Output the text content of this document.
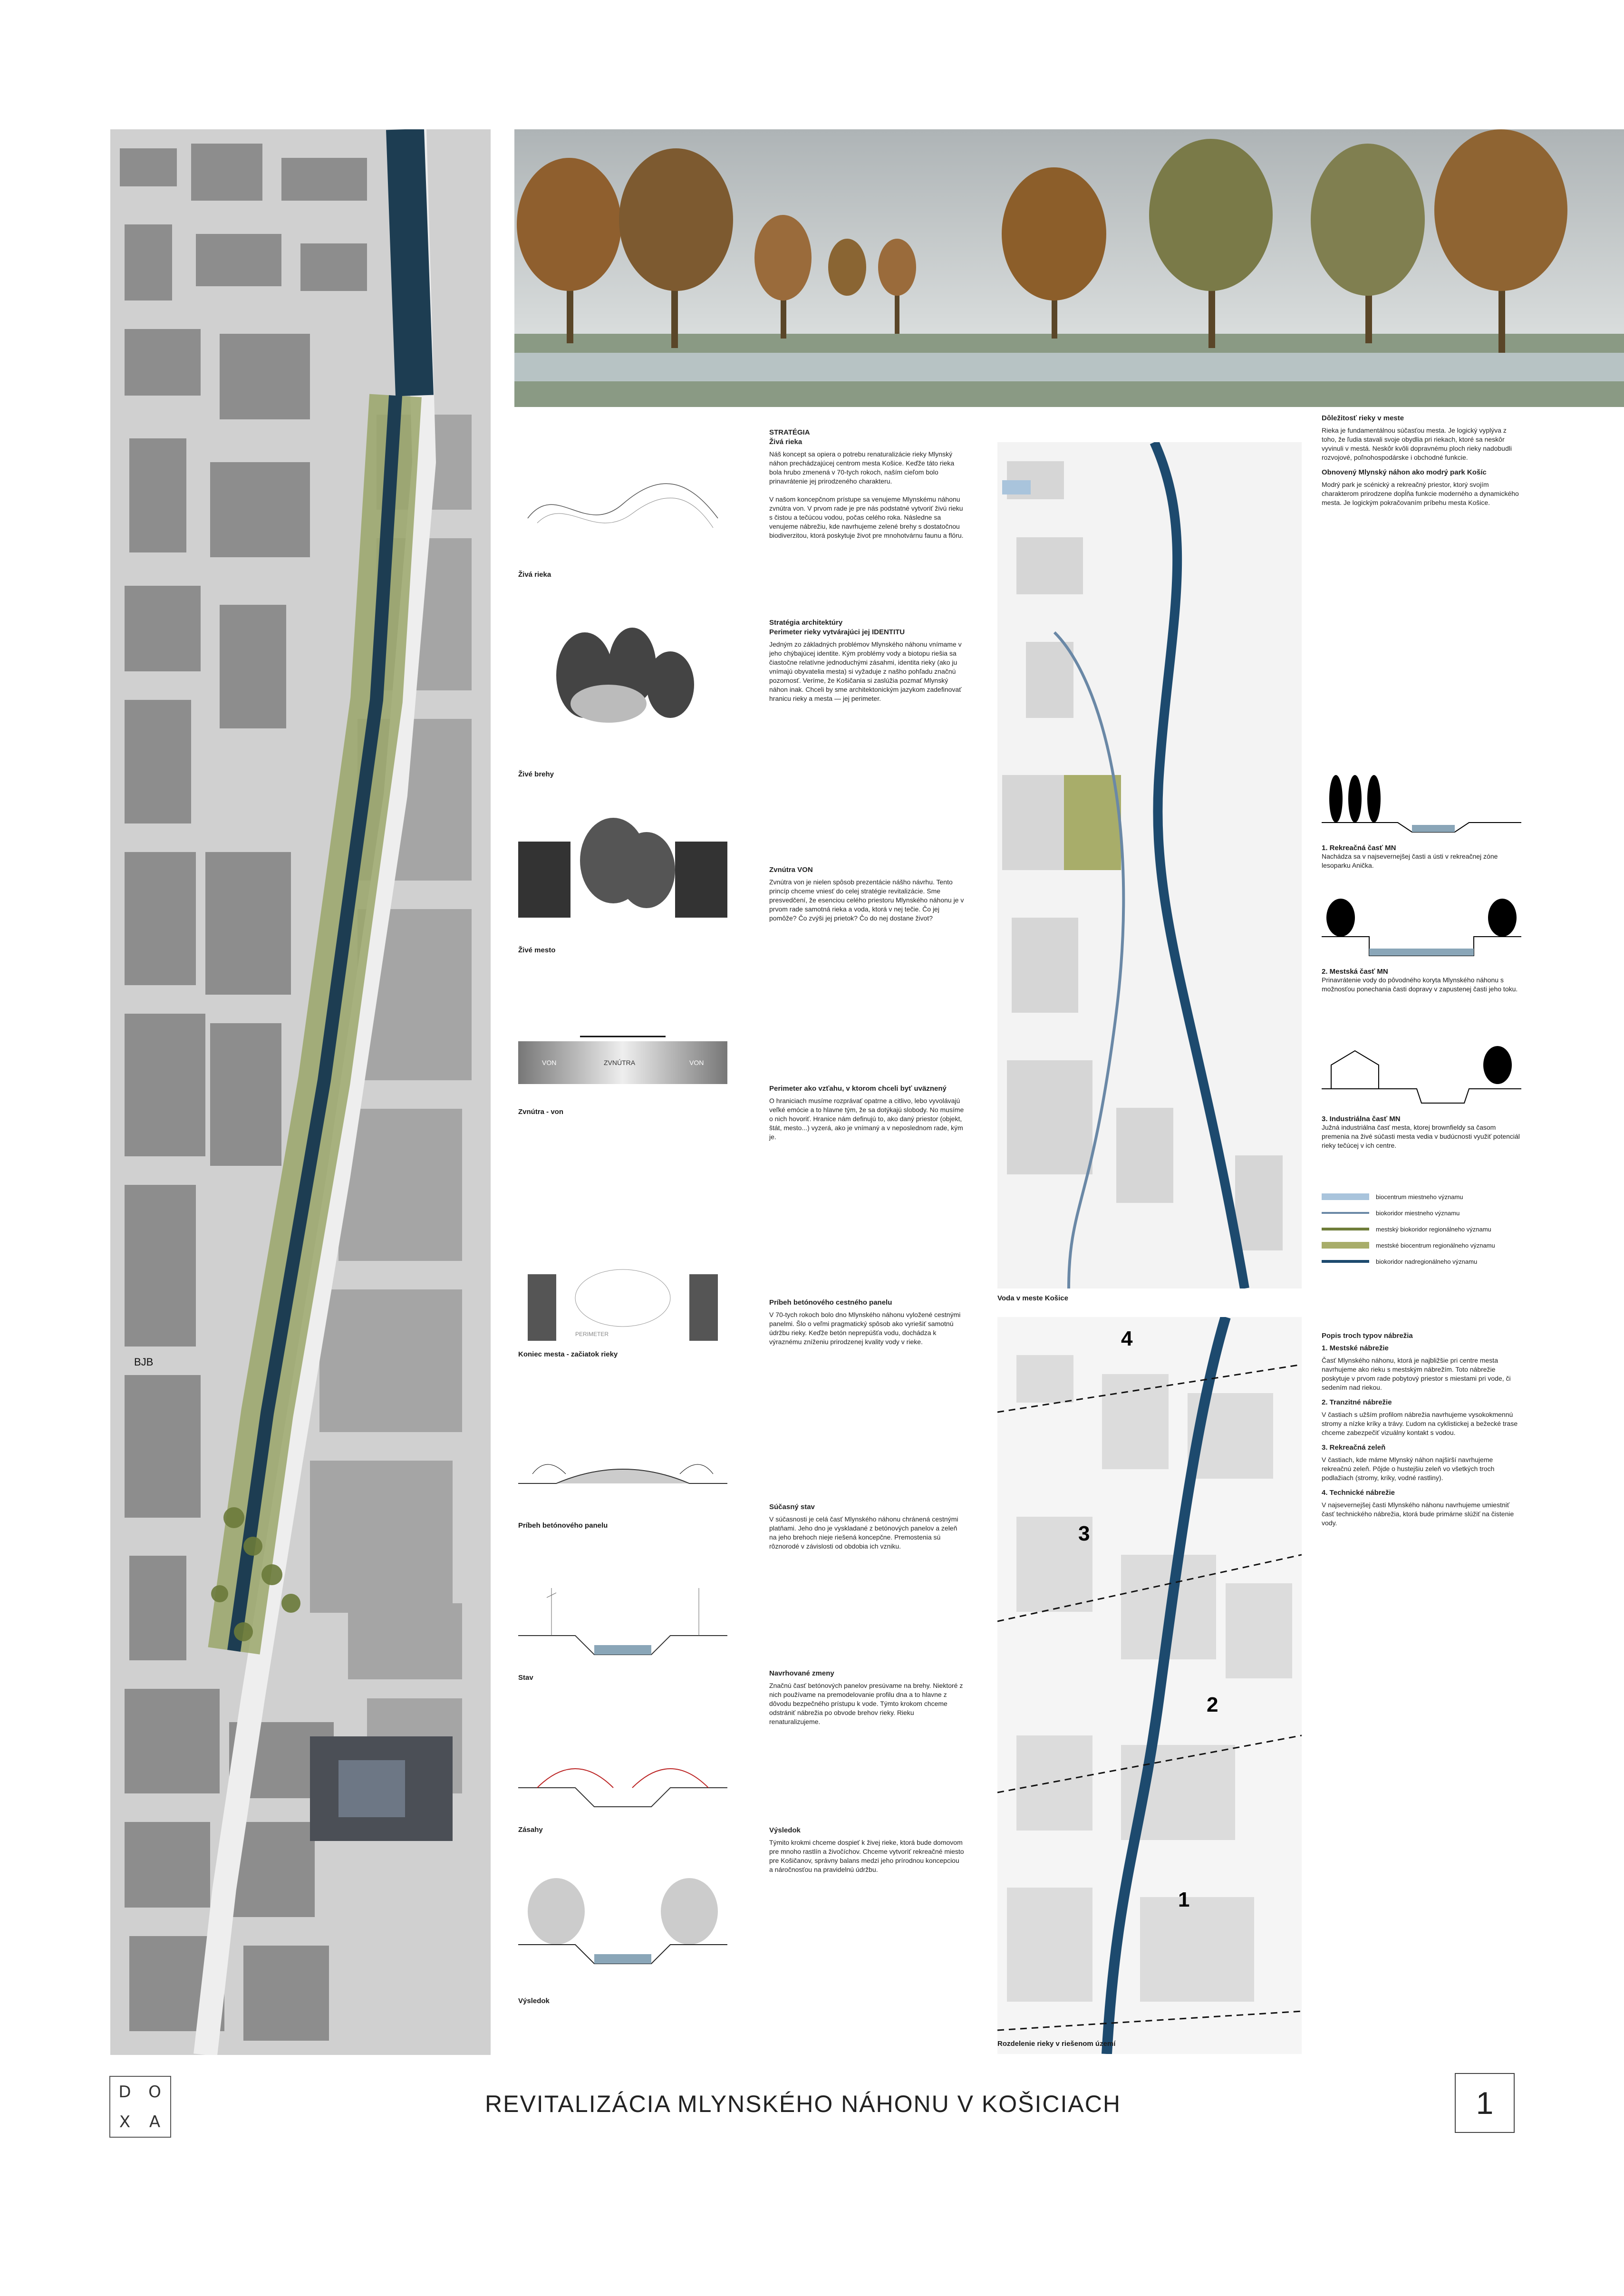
BJB
Živá rieka
STRATÉGIA
Živá rieka

Náš koncept sa opiera o potrebu renaturalizácie rieky Mlynský náhon prechádzajúcej centrom mesta Košice. Keďže táto rieka bola hrubo zmenená v 70-tych rokoch, naším cieľom bolo prinavrátenie jej prirodzeného charakteru.

V našom koncepčnom prístupe sa venujeme Mlynskému náhonu zvnútra von. V prvom rade je pre nás podstatné vytvoriť živú rieku s čistou a tečúcou vodou, počas celého roka. Následne sa venujeme nábrežiu, kde navrhujeme zelené brehy s dostatočnou biodiverzitou, ktorá poskytuje život pre mnohotvárnu faunu a flóru.

Živé brehy
Stratégia architektúry
Perimeter rieky vytvárajúci jej IDENTITU

Jedným zo základných problémov Mlynského náhonu vnímame v jeho chýbajúcej identite. Kým problémy vody a biotopu riešia sa čiastočne relatívne jednoduchými zásahmi, identita rieky (ako ju vnímajú obyvatelia mesta) si vyžaduje z našho pohľadu značnú pozornosť. Veríme, že Košičania si zaslúžia pozmať Mlynský náhon inak. Chceli by sme architektonickým jazykom zadefinovať hranicu rieky a mesta — jej perimeter.

Živé mesto
Zvnútra VON

Zvnútra von je nielen spôsob prezentácie nášho návrhu. Tento princíp chceme vniesť do celej stratégie revitalizácie. Sme presvedčení, že esenciou celého priestoru Mlynského náhonu je v prvom rade samotná rieka a voda, ktorá v nej tečie. Čo jej pomôže? Čo zvýši jej prietok? Čo do nej dostane život?

VON	ZVNÚTRA	VON
Zvnútra - von
Perimeter ako vzťahu, v ktorom chceli byť uväznený

O hraniciach musíme rozprávať opatrne a citlivo, lebo vyvolávajú veľké emócie a to hlavne tým, že sa dotýkajú slobody. No musíme o nich hovoriť. Hranice nám definujú to, ako daný priestor (objekt, štát, mesto...) vyzerá, ako je vnímaný a v neposlednom rade, kým je.

PERIMETER
Koniec mesta - začiatok rieky
Príbeh betónového cestného panelu

V 70-tych rokoch bolo dno Mlynského náhonu vyložené cestnými panelmi. Šlo o veľmi pragmatický spôsob ako vyriešiť samotnú údržbu rieky. Keďže betón neprepúšťa vodu, dochádza k výraznému zníženiu prirodzenej kvality vody v rieke.

Príbeh betónového panelu
Súčasný stav

V súčasnosti je celá časť Mlynského náhonu chránená cestnými platňami. Jeho dno je vyskladané z betónových panelov a zeleň na jeho brehoch nieje riešená koncepčne. Premostenia sú rôznorodé v závislosti od obdobia ich vzniku.

Stav
Navrhované zmeny

Značnú časť betónových panelov presúvame na brehy. Niektoré z nich používame na premodelovanie profilu dna a to hlavne z dôvodu bezpečného prístupu k vode. Týmto krokom chceme odstrániť nábrežia po obvode brehov rieky. Rieku renaturalizujeme.

Zásahy	Výsledok

Týmito krokmi chceme dospieť k živej rieke, ktorá bude domovom pre mnoho rastlín a živočíchov. Chceme vytvoriť rekreačné miesto pre Košičanov, správny balans medzi jeho prírodnou koncepciou a náročnosťou na pravidelnú údržbu.

Výsledok
Voda v meste Košice
4
3
2
1
Rozdelenie rieky v riešenom území
Dôležitosť rieky v meste

Rieka je fundamentálnou súčasťou mesta. Je logický vyplýva z toho, že ľudia stavali svoje obydlia pri riekach, ktoré sa neskôr vyvinuli v mestá. Neskôr kvôli dopravnému ploch rieky nadobudli rozvojové, poľnohospodárske i obchodné funkcie.

Obnovený Mlynský náhon ako modrý park Košíc

Modrý park je scénický a rekreačný priestor, ktorý svojím charakterom prirodzene dopĺňa funkcie moderného a dynamického mesta. Je logickým pokračovaním príbehu mesta Košice.

1. Rekreačná časť MN
Nachádza sa v najsevernejšej časti a ústi v rekreačnej zóne lesoparku Anička.
2. Mestská časť MN
Prinavrátenie vody do pôvodného koryta Mlynského náhonu s možnosťou ponechania časti dopravy v zapustenej časti jeho toku.
3. Industriálna časť MN
Južná industriálna časť mesta, ktorej brownfieldy sa časom premenia na živé súčasti mesta vedia v budúcnosti využiť potenciál rieky tečúcej v ich centre.
biocentrum miestneho významu
biokoridor miestneho významu
mestský biokoridor regionálneho významu
mestské biocentrum regionálneho významu
biokoridor nadregionálneho významu
Popis troch typov nábrežia
1. Mestské nábrežie

Časť Mlynského náhonu, ktorá je najbližšie pri centre mesta navrhujeme ako rieku s mestským nábrežím. Toto nábrežie poskytuje v prvom rade pobytový priestor s miestami pri vode, či sedením nad riekou.

2. Tranzitné nábrežie

V častiach s užším profilom nábrežia navrhujeme vysokokmennú stromy a nízke kríky a trávy. Ľudom na cyklistickej a bežecké trase chceme zabezpečiť vizuálny kontakt s vodou.

3. Rekreačná zeleň

V častiach, kde máme Mlynský náhon najširší navrhujeme rekreačnú zeleň. Pôjde o hustejšiu zeleň vo všetkých troch podlažiach (stromy, kríky, vodné rastliny).

4. Technické nábrežie

V najsevernejšej časti Mlynského náhonu navrhujeme umiestniť časť technického nábrežia, ktorá bude primárne slúžiť na čistenie vody.

D	O
X	A
REVITALIZÁCIA MLYNSKÉHO NÁHONU V KOŠICIACH	1
